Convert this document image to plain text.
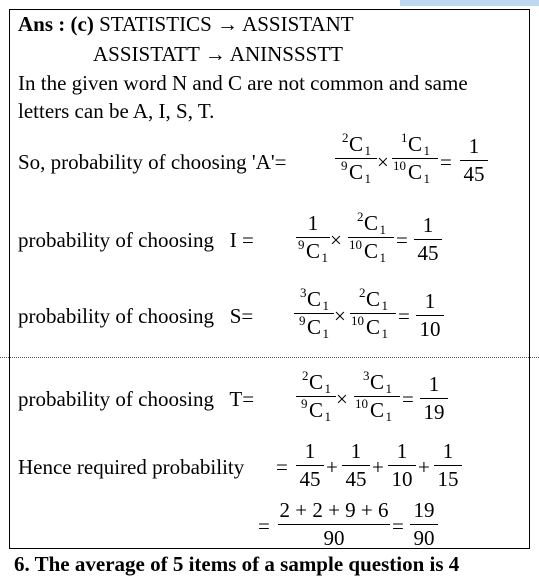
Ans : (c) STATISTICS → ASSISTANT
ASSISTATT → ANINSSSTT
In the given word N and C are not common and same
letters can be A, I, S, T.
So, probability of choosing 'A'=
2 C 1
9 C 1
×
1 C 1
10 C 1
=
1
45
probability of choosing I =
1
9 C 1
×
2 C 1
10 C 1
=
1
45
probability of choosing S=
3 C 1
9 C 1
×
2 C 1
10 C 1
=
1
10
probability of choosing T=
2 C 1
9 C 1
×
3 C 1
10 C 1
=
1
19
Hence required probability =
1
45 +
1
45 +
1
10 +
1
15
=
2 + 2 + 9 + 6
90	=
19
90
6. The average of 5 items of a sample question is 4
